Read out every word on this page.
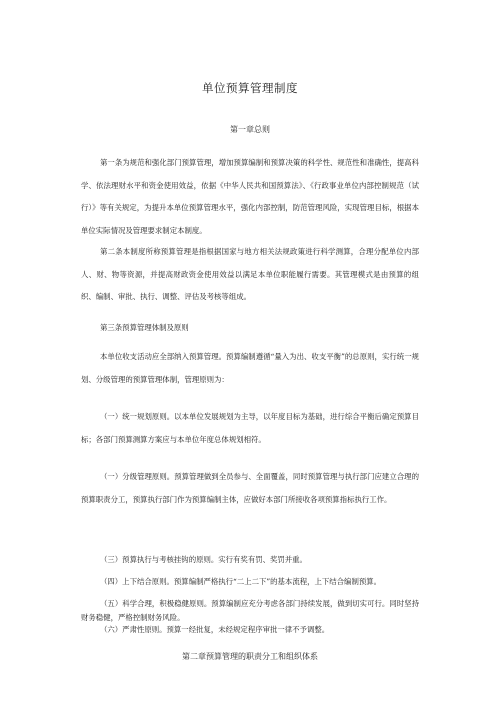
单位预算管理制度
第一章总则

第一条为规范和强化部门预算管理，增加预算编制和预算决策的科学性、规范性和准确性，提高科学、依法理财水平和资金使用效益，依据《中华人民共和国预算法》、《行政事业单位内部控制规范（试行）》等有关规定，为提升本单位预算管理水平，强化内部控制，防范管理风险，实现管理目标，根据本单位实际情况及管理要求制定本制度。

第二条本制度所称预算管理是指根据国家与地方相关法规政策进行科学测算，合理分配单位内部人、财、物等资源，并提高财政资金使用效益以满足本单位职能履行需要。其管理模式是由预算的组织、编制、审批、执行、调整、评估及考核等组成。

第三条预算管理体制及原则

本单位收支活动应全部纳入预算管理。预算编制遵循“量入为出、收支平衡”的总原则，实行统一规划、分级管理的预算管理体制，管理原则为：

（一）统一规划原则。以本单位发展规划为主导，以年度目标为基础，进行综合平衡后确定预算目标；各部门预算测算方案应与本单位年度总体规划相符。

（一）分级管理原则。预算管理做到全员参与、全面覆盖，同时预算管理与执行部门应建立合理的预算职责分工，预算执行部门作为预算编制主体，应做好本部门所接收各项预算指标执行工作。

（三）预算执行与考核挂钩的原则。实行有奖有罚、奖罚并重。

（四）上下结合原则。预算编制严格执行“二上二下”的基本流程，上下结合编制预算。

（五）科学合理，积极稳健原则。预算编制应充分考虑各部门持续发展，做到切实可行。同时坚持财务稳健，严格控制财务风险。

（六）严肃性原则。预算一经批复，未经规定程序审批一律不予调整。

第二章预算管理的职责分工和组织体系
